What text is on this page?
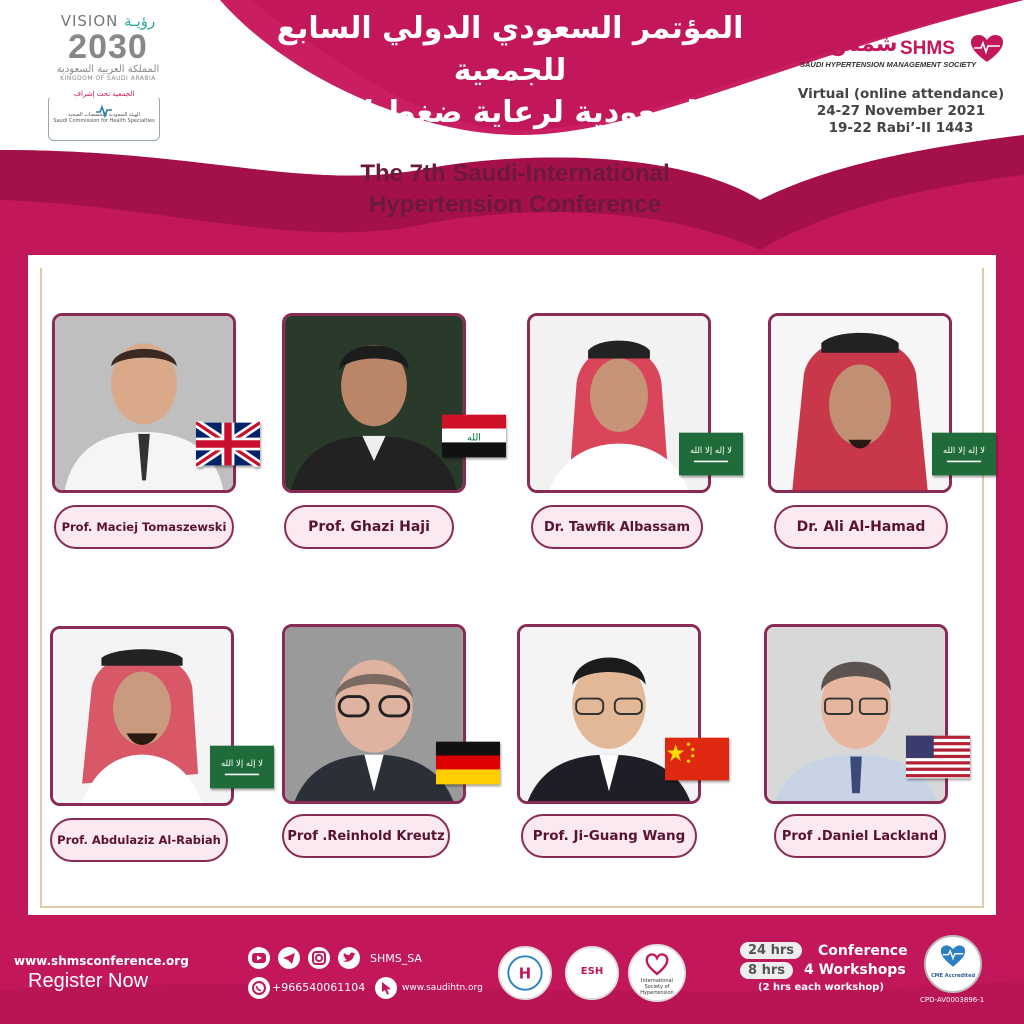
المؤتمر السعودي الدولي السابع للجمعية
السعودية لرعاية ضغط الدم
VISION رؤيـة
2030
المملكة العربية السعودية
KINGDOM OF SAUDI ARABIA
الجمعية تحت إشراف
الهيئة السعودية للتخصصات الصحية
Saudi Commission for Health Specialties
شمس SHMS
SAUDI HYPERTENSION MANAGEMENT SOCIETY
Virtual (online attendance)
24-27 November 2021
19-22 Rabi’-II 1443
The 7th Saudi-International
Hypertension Conference
Prof. Maciej Tomaszewski
الله
Prof. Ghazi Haji
لا إله إلا الله
Dr. Tawfik Albassam
لا إله إلا الله
Dr. Ali Al-Hamad
لا إله إلا الله
Prof. Abdulaziz Al-Rabiah	Prof .Reinhold Kreutz	Prof. Ji-Guang Wang	Prof .Daniel Lackland
www.shmsconference.org
Register Now
SHMS_SA
+966540061104	www.saudihtn.org
H	ESH
International
Society of
Hypertension
24 hrs	Conference
8 hrs	4 Workshops
(2 hrs each workshop)
CME Accredited
CPD-AV0003896-1
